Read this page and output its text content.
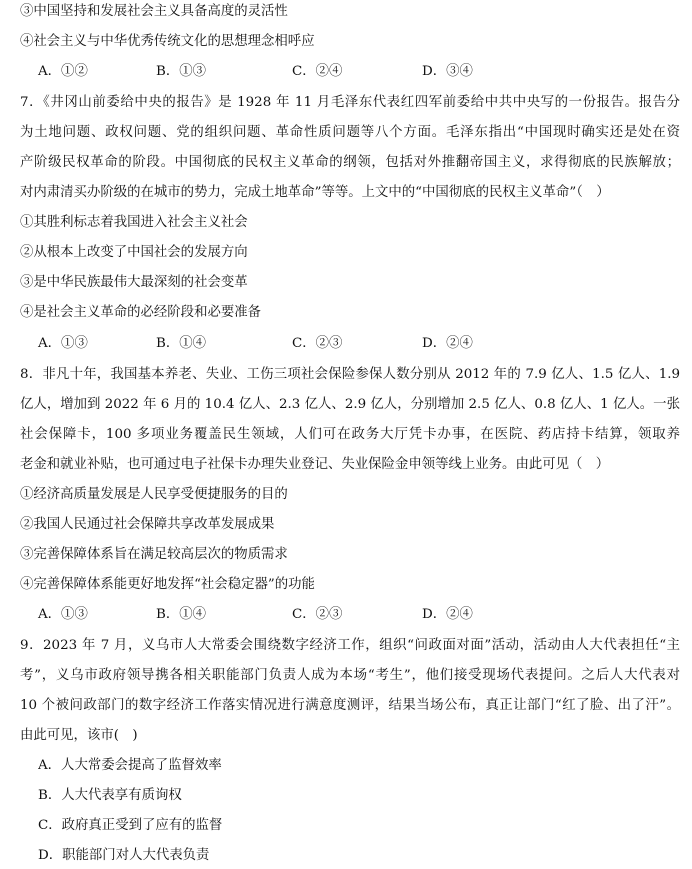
③中国坚持和发展社会主义具备高度的灵活性
④社会主义与中华优秀传统文化的思想理念相呼应
A．①②	B．①③	C．②④	D．③④
7．《井冈山前委给中央的报告》是 1928 年 11 月毛泽东代表红四军前委给中共中央写的一份报告。报告分
为土地问题、政权问题、党的组织问题、革命性质问题等八个方面。毛泽东指出“中国现时确实还是处在资
产阶级民权革命的阶段。中国彻底的民权主义革命的纲领，包括对外推翻帝国主义，求得彻底的民族解放；
对内肃清买办阶级的在城市的势力，完成土地革命”等等。上文中的“中国彻底的民权主义革命”（　）
①其胜利标志着我国进入社会主义社会
②从根本上改变了中国社会的发展方向
③是中华民族最伟大最深刻的社会变革
④是社会主义革命的必经阶段和必要准备
A．①③	B．①④	C．②③	D．②④
8．非凡十年，我国基本养老、失业、工伤三项社会保险参保人数分别从 2012 年的 7.9 亿人、1.5 亿人、1.9
亿人，增加到 2022 年 6 月的 10.4 亿人、2.3 亿人、2.9 亿人，分别增加 2.5 亿人、0.8 亿人、1 亿人。一张
社会保障卡，100 多项业务覆盖民生领域，人们可在政务大厅凭卡办事，在医院、药店持卡结算，领取养
老金和就业补贴，也可通过电子社保卡办理失业登记、失业保险金申领等线上业务。由此可见（　）
①经济高质量发展是人民享受便捷服务的目的
②我国人民通过社会保障共享改革发展成果
③完善保障体系旨在满足较高层次的物质需求
④完善保障体系能更好地发挥“社会稳定器”的功能
A．①③	B．①④	C．②③	D．②④
9．2023 年 7 月，义乌市人大常委会围绕数字经济工作，组织“问政面对面”活动，活动由人大代表担任“主
考”，义乌市政府领导携各相关职能部门负责人成为本场“考生”，他们接受现场代表提问。之后人大代表对
10 个被问政部门的数字经济工作落实情况进行满意度测评，结果当场公布，真正让部门“红了脸、出了汗”。
由此可见，该市(　)
A．人大常委会提高了监督效率
B．人大代表享有质询权
C．政府真正受到了应有的监督
D．职能部门对人大代表负责
